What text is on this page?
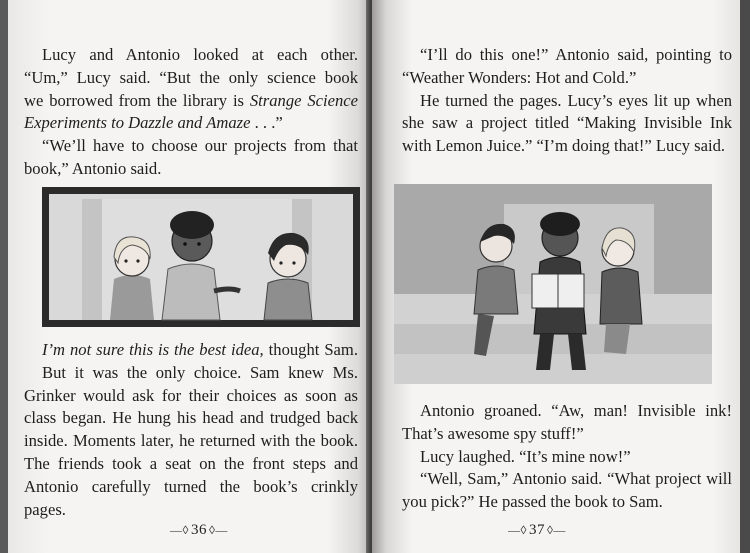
Lucy and Antonio looked at each other.

“Um,” Lucy said. “But the only science book

we borrowed from the library is Strange Science

Experiments to Dazzle and Amaze . . .”

“We’ll have to choose our projects from that book,” Antonio said.

I’m not sure this is the best idea, thought Sam.

But it was the only choice. Sam knew Ms. Grinker would ask for their choices as soon as class began. He hung his head and trudged back inside. Moments later, he returned with the book. The friends took a seat on the front steps and Antonio carefully turned the book’s crinkly pages.

—◊ 36 ◊—

“I’ll do this one!” Antonio said, pointing to “Weather Wonders: Hot and Cold.”

He turned the pages. Lucy’s eyes lit up when she saw a project titled “Making Invisible Ink with Lemon Juice.” “I’m doing that!” Lucy said.

Antonio groaned. “Aw, man! Invisible ink! That’s awesome spy stuff!”

Lucy laughed. “It’s mine now!”

“Well, Sam,” Antonio said. “What project will you pick?” He passed the book to Sam.

—◊ 37 ◊—
